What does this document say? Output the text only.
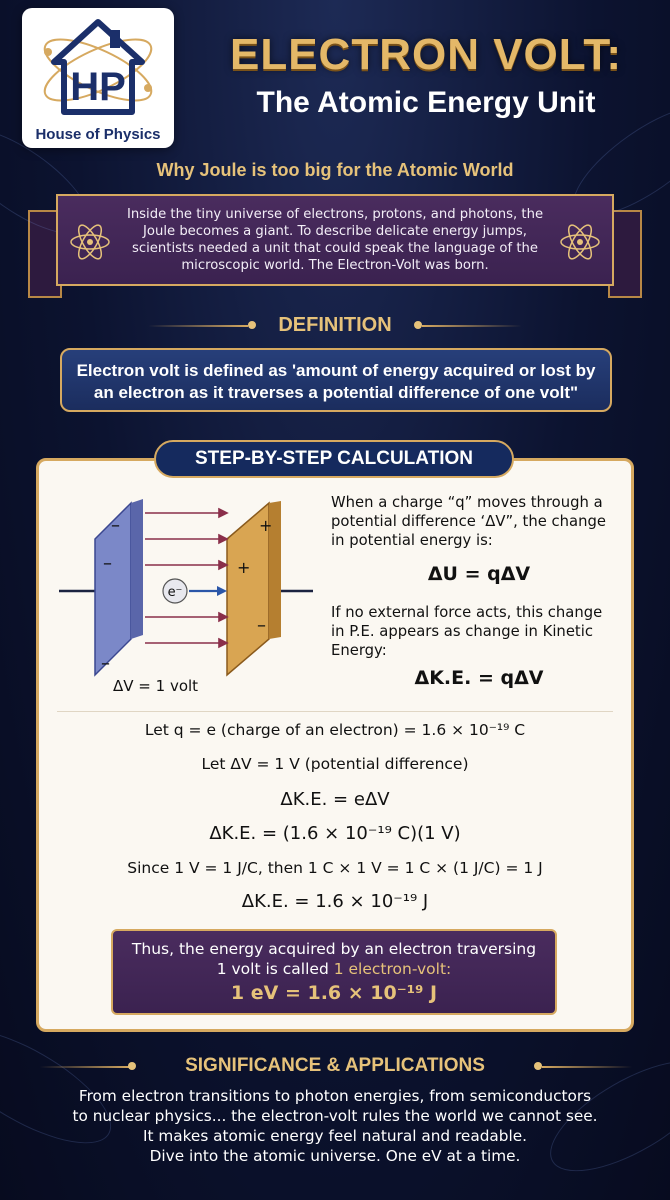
HP
House of Physics
ELECTRON VOLT:
The Atomic Energy Unit
Why Joule is too big for the Atomic World
Inside the tiny universe of electrons, protons, and photons, the
Joule becomes a giant. To describe delicate energy jumps,
scientists needed a unit that could speak the language of the
microscopic world. The Electron-Volt was born.
DEFINITION
Electron volt is defined as 'amount of energy acquired or lost by
an electron as it traverses a potential difference of one volt"
e⁻
–
–
–
+
+
–
ΔV = 1 volt
When a charge “q” moves through a
potential difference ‘ΔV”, the change
in potential energy is:
ΔU = qΔV
If no external force acts, this change
in P.E. appears as change in Kinetic
Energy:
ΔK.E. = qΔV
Let q = e (charge of an electron) = 1.6 × 10⁻¹⁹ C
Let ΔV = 1 V (potential difference)
ΔK.E. = eΔV
ΔK.E. = (1.6 × 10⁻¹⁹ C)(1 V)
Since 1 V = 1 J/C, then 1 C × 1 V = 1 C × (1 J/C) = 1 J
ΔK.E. = 1.6 × 10⁻¹⁹ J
Thus, the energy acquired by an electron traversing
1 volt is called 1 electron-volt:
1 eV = 1.6 × 10⁻¹⁹ J
STEP-BY-STEP CALCULATION
SIGNIFICANCE & APPLICATIONS
From electron transitions to photon energies, from semiconductors
to nuclear physics... the electron-volt rules the world we cannot see.
It makes atomic energy feel natural and readable.
Dive into the atomic universe. One eV at a time.
